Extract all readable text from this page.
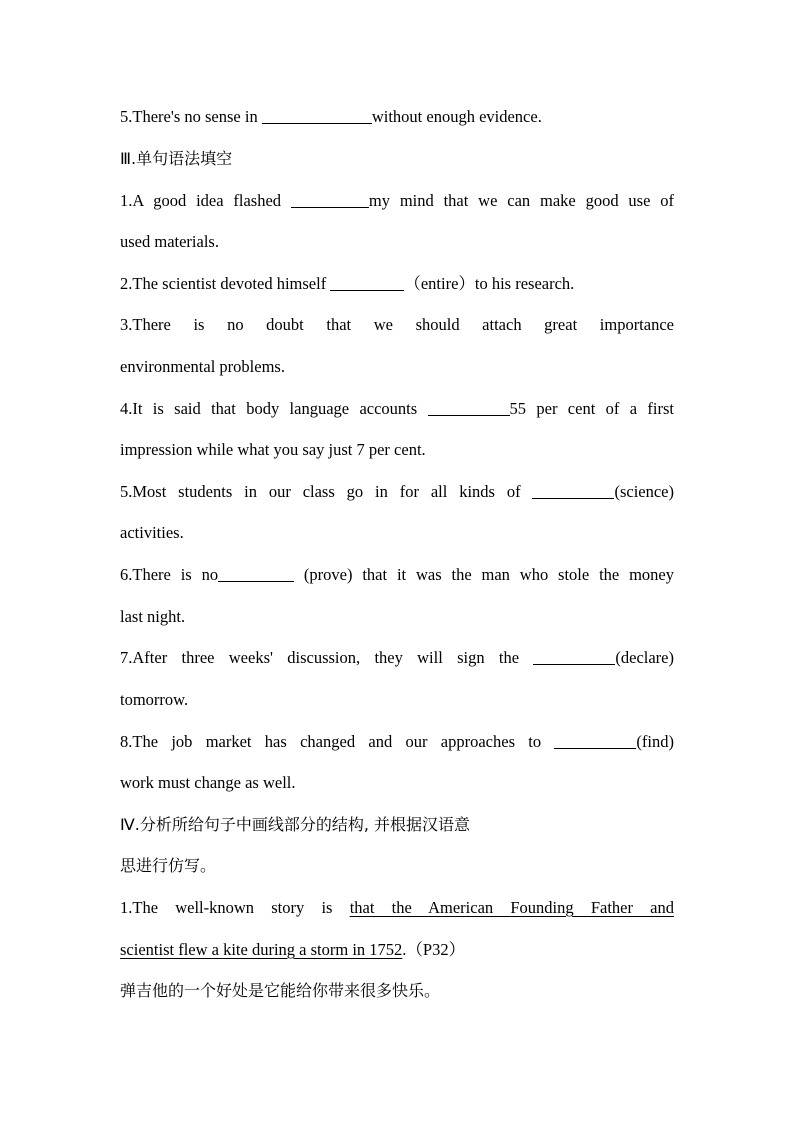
5.There's no sense in	without enough evidence.
Ⅲ.单句语法填空
1.A good idea flashed	my mind that we can make good use of
used materials.
2.The scientist devoted himself	（entire）to his research.
3.There is no doubt that we should attach great importance
environmental problems.
4.It is said that body language accounts	55 per cent of a first
impression while what you say just 7 per cent.
5.Most students in our class go in for all kinds of	(science)
activities.
6.There is no	(prove) that it was the man who stole the money
last night.
7.After three weeks' discussion, they will sign the	(declare)
tomorrow.
8.The job market has changed and our approaches to	(find)
work must change as well.
Ⅳ.分析所给句子中画线部分的结构, 并根据汉语意
思进行仿写。
1.The well-known story is that the American Founding Father and
scientist flew a kite during a storm in 1752.（P32）
弹吉他的一个好处是它能给你带来很多快乐。
